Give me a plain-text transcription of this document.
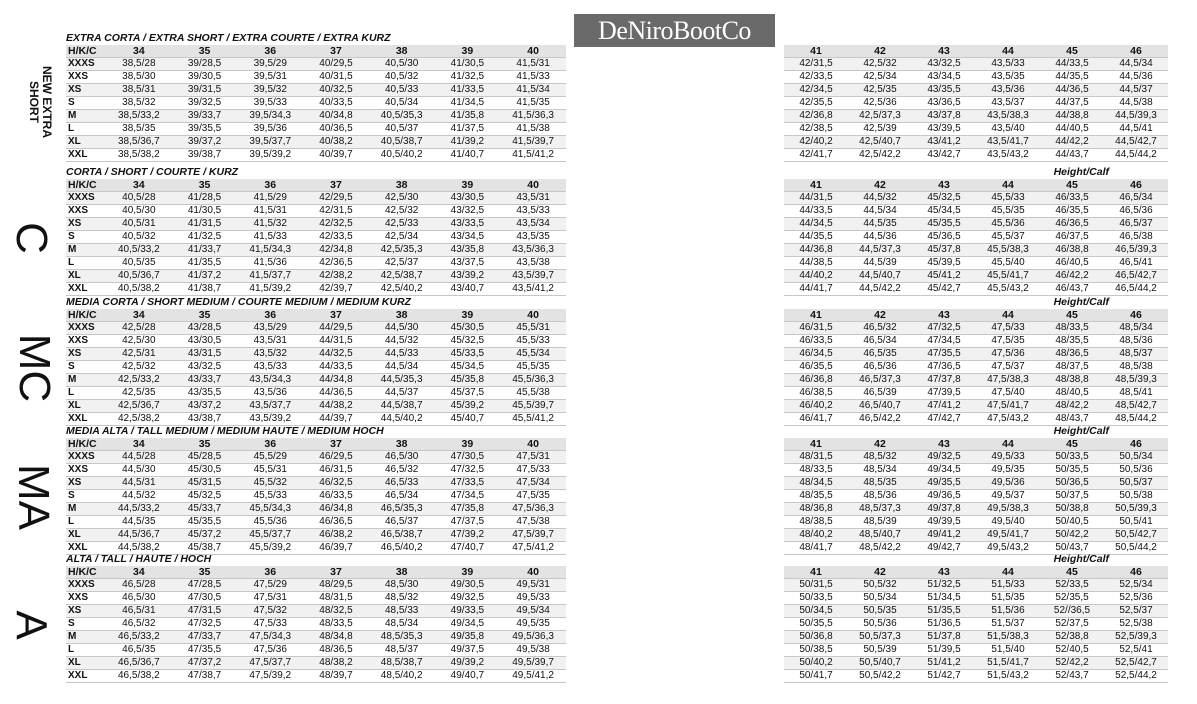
DeNiroBootCo
NEW EXTRA SHORT
EXTRA CORTA / EXTRA SHORT / EXTRA COURTE / EXTRA KURZ
H/K/C	34	35	36	37	38	39	40
XXXS	38,5/28	39/28,5	39,5/29	40/29,5	40,5/30	41/30,5	41,5/31
XXS	38,5/30	39/30,5	39,5/31	40/31,5	40,5/32	41/32,5	41,5/33
XS	38,5/31	39/31,5	39,5/32	40/32,5	40,5/33	41/33,5	41,5/34
S	38,5/32	39/32,5	39,5/33	40/33,5	40,5/34	41/34,5	41,5/35
M	38,5/33,2	39/33,7	39,5/34,3	40/34,8	40,5/35,3	41/35,8	41,5/36,3
L	38,5/35	39/35,5	39,5/36	40/36,5	40,5/37	41/37,5	41,5/38
XL	38,5/36,7	39/37,2	39,5/37,7	40/38,2	40,5/38,7	41/39,2	41,5/39,7
XXL	38,5/38,2	39/38,7	39,5/39,2	40/39,7	40,5/40,2	41/40,7	41,5/41,2
41	42	43	44	45	46
42/31,5	42,5/32	43/32,5	43,5/33	44/33,5	44,5/34
42/33,5	42,5/34	43/34,5	43,5/35	44/35,5	44,5/36
42/34,5	42,5/35	43/35,5	43,5/36	44/36,5	44,5/37
42/35,5	42,5/36	43/36,5	43,5/37	44/37,5	44,5/38
42/36,8	42,5/37,3	43/37,8	43,5/38,3	44/38,8	44,5/39,3
42/38,5	42,5/39	43/39,5	43,5/40	44/40,5	44,5/41
42/40,2	42,5/40,7	43/41,2	43,5/41,7	44/42,2	44,5/42,7
42/41,7	42,5/42,2	43/42,7	43,5/43,2	44/43,7	44,5/44,2
C
CORTA / SHORT / COURTE / KURZ	Height/Calf
H/K/C	34	35	36	37	38	39	40
XXXS	40,5/28	41/28,5	41,5/29	42/29,5	42,5/30	43/30,5	43,5/31
XXS	40,5/30	41/30,5	41,5/31	42/31,5	42,5/32	43/32,5	43,5/33
XS	40,5/31	41/31,5	41,5/32	42/32,5	42,5/33	43/33,5	43,5/34
S	40,5/32	41/32,5	41,5/33	42/33,5	42,5/34	43/34,5	43,5/35
M	40,5/33,2	41/33,7	41,5/34,3	42/34,8	42,5/35,3	43/35,8	43,5/36,3
L	40,5/35	41/35,5	41,5/36	42/36,5	42,5/37	43/37,5	43,5/38
XL	40,5/36,7	41/37,2	41,5/37,7	42/38,2	42,5/38,7	43/39,2	43,5/39,7
XXL	40,5/38,2	41/38,7	41,5/39,2	42/39,7	42,5/40,2	43/40,7	43,5/41,2
41	42	43	44	45	46
44/31,5	44,5/32	45/32,5	45,5/33	46/33,5	46,5/34
44/33,5	44,5/34	45/34,5	45,5/35	46/35,5	46,5/36
44/34,5	44,5/35	45/35,5	45,5/36	46/36,5	46,5/37
44/35,5	44,5/36	45/36,5	45,5/37	46/37,5	46,5/38
44/36,8	44,5/37,3	45/37,8	45,5/38,3	46/38,8	46,5/39,3
44/38,5	44,5/39	45/39,5	45,5/40	46/40,5	46,5/41
44/40,2	44,5/40,7	45/41,2	45,5/41,7	46/42,2	46,5/42,7
44/41,7	44,5/42,2	45/42,7	45,5/43,2	46/43,7	46,5/44,2
MC
MEDIA CORTA / SHORT MEDIUM / COURTE MEDIUM / MEDIUM KURZ	Height/Calf
H/K/C	34	35	36	37	38	39	40
XXXS	42,5/28	43/28,5	43,5/29	44/29,5	44,5/30	45/30,5	45,5/31
XXS	42,5/30	43/30,5	43,5/31	44/31,5	44,5/32	45/32,5	45,5/33
XS	42,5/31	43/31,5	43,5/32	44/32,5	44,5/33	45/33,5	45,5/34
S	42,5/32	43/32,5	43,5/33	44/33,5	44,5/34	45/34,5	45,5/35
M	42,5/33,2	43/33,7	43,5/34,3	44/34,8	44,5/35,3	45/35,8	45,5/36,3
L	42,5/35	43/35,5	43,5/36	44/36,5	44,5/37	45/37,5	45,5/38
XL	42,5/36,7	43/37,2	43,5/37,7	44/38,2	44,5/38,7	45/39,2	45,5/39,7
XXL	42,5/38,2	43/38,7	43,5/39,2	44/39,7	44,5/40,2	45/40,7	45,5/41,2
41	42	43	44	45	46
46/31,5	46,5/32	47/32,5	47,5/33	48/33,5	48,5/34
46/33,5	46,5/34	47/34,5	47,5/35	48/35,5	48,5/36
46/34,5	46,5/35	47/35,5	47,5/36	48/36,5	48,5/37
46/35,5	46,5/36	47/36,5	47,5/37	48/37,5	48,5/38
46/36,8	46,5/37,3	47/37,8	47,5/38,3	48/38,8	48,5/39,3
46/38,5	46,5/39	47/39,5	47,5/40	48/40,5	48,5/41
46/40,2	46,5/40,7	47/41,2	47,5/41,7	48/42,2	48,5/42,7
46/41,7	46,5/42,2	47/42,7	47,5/43,2	48/43,7	48,5/44,2
MA
MEDIA ALTA / TALL MEDIUM / MEDIUM HAUTE / MEDIUM HOCH	Height/Calf
H/K/C	34	35	36	37	38	39	40
XXXS	44,5/28	45/28,5	45,5/29	46/29,5	46,5/30	47/30,5	47,5/31
XXS	44,5/30	45/30,5	45,5/31	46/31,5	46,5/32	47/32,5	47,5/33
XS	44,5/31	45/31,5	45,5/32	46/32,5	46,5/33	47/33,5	47,5/34
S	44,5/32	45/32,5	45,5/33	46/33,5	46,5/34	47/34,5	47,5/35
M	44,5/33,2	45/33,7	45,5/34,3	46/34,8	46,5/35,3	47/35,8	47,5/36,3
L	44,5/35	45/35,5	45,5/36	46/36,5	46,5/37	47/37,5	47,5/38
XL	44,5/36,7	45/37,2	45,5/37,7	46/38,2	46,5/38,7	47/39,2	47,5/39,7
XXL	44,5/38,2	45/38,7	45,5/39,2	46/39,7	46,5/40,2	47/40,7	47,5/41,2
41	42	43	44	45	46
48/31,5	48,5/32	49/32,5	49,5/33	50/33,5	50,5/34
48/33,5	48,5/34	49/34,5	49,5/35	50/35,5	50,5/36
48/34,5	48,5/35	49/35,5	49,5/36	50/36,5	50,5/37
48/35,5	48,5/36	49/36,5	49,5/37	50/37,5	50,5/38
48/36,8	48,5/37,3	49/37,8	49,5/38,3	50/38,8	50,5/39,3
48/38,5	48,5/39	49/39,5	49,5/40	50/40,5	50,5/41
48/40,2	48,5/40,7	49/41,2	49,5/41,7	50/42,2	50,5/42,7
48/41,7	48,5/42,2	49/42,7	49,5/43,2	50/43,7	50,5/44,2
A
ALTA / TALL / HAUTE / HOCH	Height/Calf
H/K/C	34	35	36	37	38	39	40
XXXS	46,5/28	47/28,5	47,5/29	48/29,5	48,5/30	49/30,5	49,5/31
XXS	46,5/30	47/30,5	47,5/31	48/31,5	48,5/32	49/32,5	49,5/33
XS	46,5/31	47/31,5	47,5/32	48/32,5	48,5/33	49/33,5	49,5/34
S	46,5/32	47/32,5	47,5/33	48/33,5	48,5/34	49/34,5	49,5/35
M	46,5/33,2	47/33,7	47,5/34,3	48/34,8	48,5/35,3	49/35,8	49,5/36,3
L	46,5/35	47/35,5	47,5/36	48/36,5	48,5/37	49/37,5	49,5/38
XL	46,5/36,7	47/37,2	47,5/37,7	48/38,2	48,5/38,7	49/39,2	49,5/39,7
XXL	46,5/38,2	47/38,7	47,5/39,2	48/39,7	48,5/40,2	49/40,7	49,5/41,2
41	42	43	44	45	46
50/31,5	50,5/32	51/32,5	51,5/33	52/33,5	52,5/34
50/33,5	50,5/34	51/34,5	51,5/35	52/35,5	52,5/36
50/34,5	50,5/35	51/35,5	51,5/36	52//36,5	52,5/37
50/35,5	50,5/36	51/36,5	51,5/37	52/37,5	52,5/38
50/36,8	50,5/37,3	51/37,8	51,5/38,3	52/38,8	52,5/39,3
50/38,5	50,5/39	51/39,5	51,5/40	52/40,5	52,5/41
50/40,2	50,5/40,7	51/41,2	51,5/41,7	52/42,2	52,5/42,7
50/41,7	50,5/42,2	51/42,7	51,5/43,2	52/43,7	52,5/44,2
